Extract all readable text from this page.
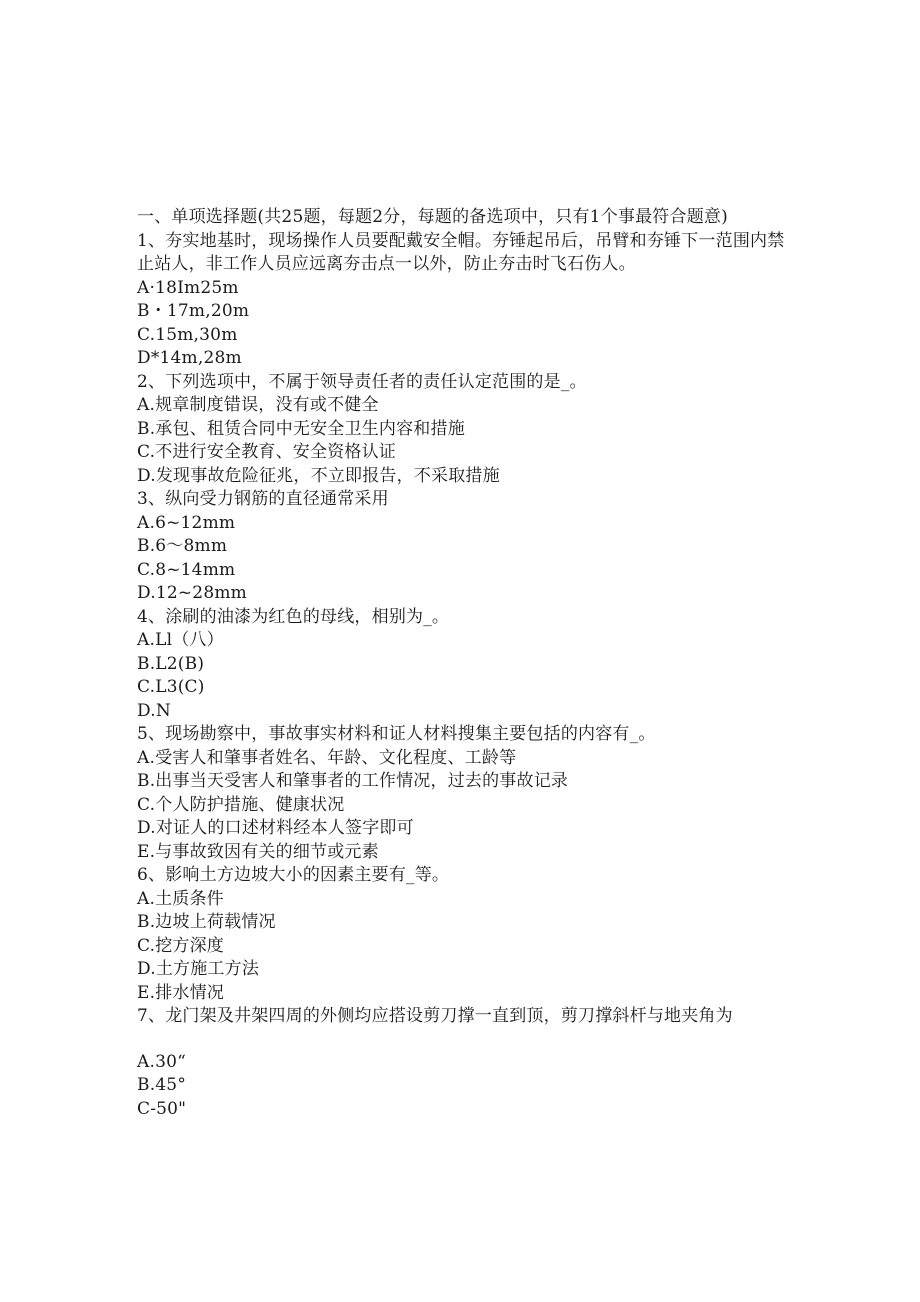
一、单项选择题(共25题，每题2分，每题的备选项中，只有1个事最符合题意)
1、夯实地基时，现场操作人员要配戴安全帽。夯锤起吊后，吊臂和夯锤下一范围内禁止站人，非工作人员应远离夯击点一以外，防止夯击时飞石伤人。
A·18Im25m
B・17m,20m
C.15m,30m
D*14m,28m
2、下列选项中，不属于领导责任者的责任认定范围的是_。
A.规章制度错误，没有或不健全
B.承包、租赁合同中无安全卫生内容和措施
C.不进行安全教育、安全资格认证
D.发现事故危险征兆，不立即报告，不采取措施
3、纵向受力钢筋的直径通常采用
A.6~12mm
B.6～8mm
C.8~14mm
D.12~28mm
4、涂刷的油漆为红色的母线，相别为_。
A.Ll（八）
B.L2(B)
C.L3(C)
D.N
5、现场勘察中，事故事实材料和证人材料搜集主要包括的内容有_。
A.受害人和肇事者姓名、年龄、文化程度、工龄等
B.出事当天受害人和肇事者的工作情况，过去的事故记录
C.个人防护措施、健康状况
D.对证人的口述材料经本人签字即可
E.与事故致因有关的细节或元素
6、影响土方边坡大小的因素主要有_等。
A.土质条件
B.边坡上荷载情况
C.挖方深度
D.土方施工方法
E.排水情况
7、龙门架及井架四周的外侧均应搭设剪刀撑一直到顶，剪刀撑斜杆与地夹角为
A.30“
B.45°
C-50"
